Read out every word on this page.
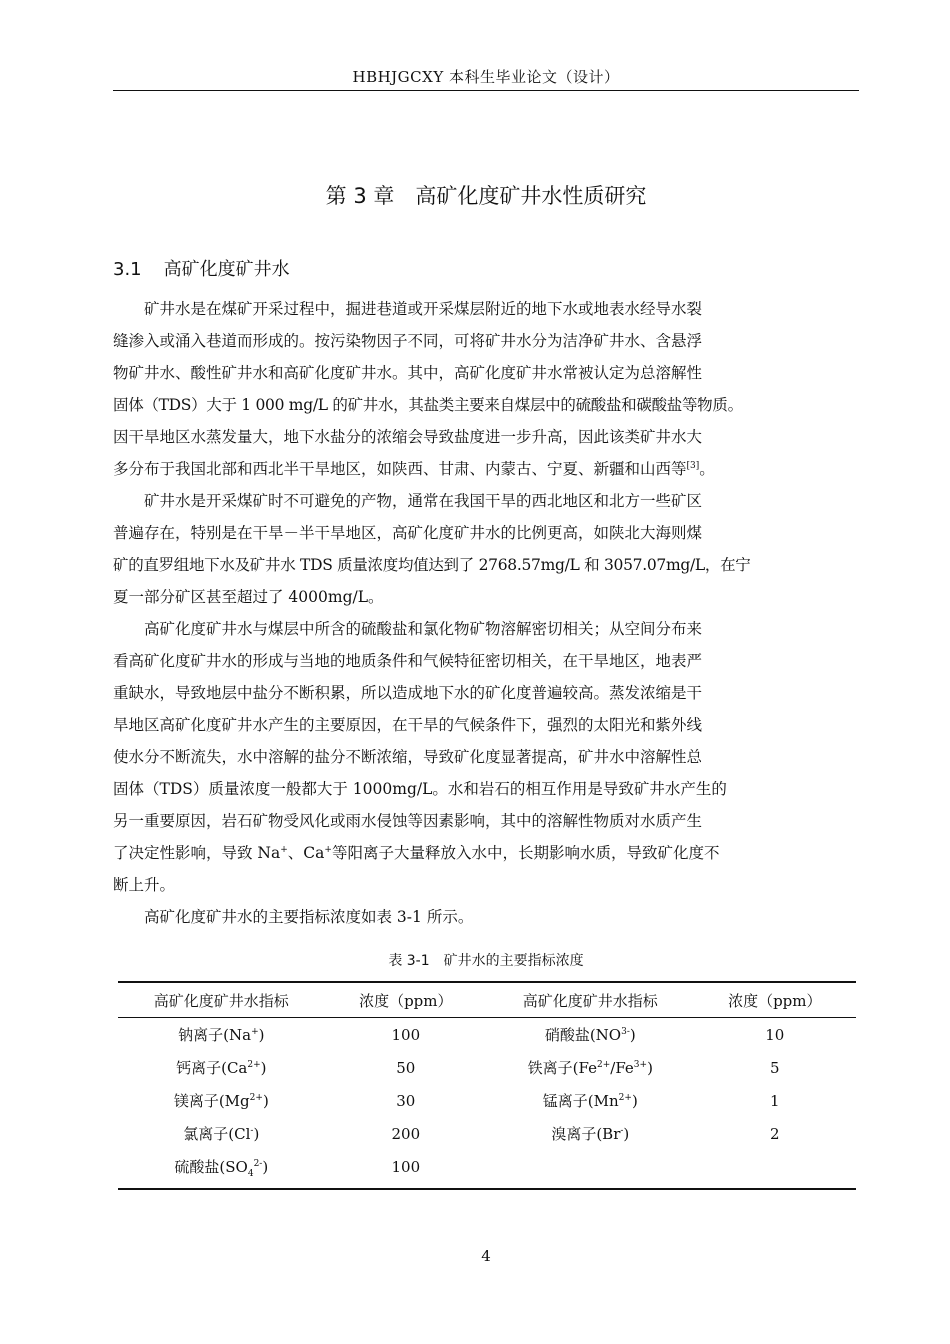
HBHJGCXY 本科生毕业论文（设计）
第 3 章　高矿化度矿井水性质研究
3.1 高矿化度矿井水

矿井水是在煤矿开采过程中，掘进巷道或开采煤层附近的地下水或地表水经导水裂
缝渗入或涌入巷道而形成的。按污染物因子不同，可将矿井水分为洁净矿井水、含悬浮
物矿井水、酸性矿井水和高矿化度矿井水。其中，高矿化度矿井水常被认定为总溶解性
固体（TDS）大于 1 000 mg/L 的矿井水，其盐类主要来自煤层中的硫酸盐和碳酸盐等物质。
因干旱地区水蒸发量大，地下水盐分的浓缩会导致盐度进一步升高，因此该类矿井水大
多分布于我国北部和西北半干旱地区，如陕西、甘肃、内蒙古、宁夏、新疆和山西等[3]。

矿井水是开采煤矿时不可避免的产物，通常在我国干旱的西北地区和北方一些矿区
普遍存在，特别是在干旱－半干旱地区，高矿化度矿井水的比例更高，如陕北大海则煤
矿的直罗组地下水及矿井水 TDS 质量浓度均值达到了 2768.57mg/L 和 3057.07mg/L，在宁
夏一部分矿区甚至超过了 4000mg/L。

高矿化度矿井水与煤层中所含的硫酸盐和氯化物矿物溶解密切相关；从空间分布来
看高矿化度矿井水的形成与当地的地质条件和气候特征密切相关，在干旱地区，地表严
重缺水，导致地层中盐分不断积累，所以造成地下水的矿化度普遍较高。蒸发浓缩是干
旱地区高矿化度矿井水产生的主要原因，在干旱的气候条件下，强烈的太阳光和紫外线
使水分不断流失，水中溶解的盐分不断浓缩，导致矿化度显著提高，矿井水中溶解性总
固体（TDS）质量浓度一般都大于 1000mg/L。水和岩石的相互作用是导致矿井水产生的
另一重要原因，岩石矿物受风化或雨水侵蚀等因素影响，其中的溶解性物质对水质产生
了决定性影响，导致 Na+、Ca+等阳离子大量释放入水中，长期影响水质，导致矿化度不
断上升。

高矿化度矿井水的主要指标浓度如表 3-1 所示。

表 3-1 矿井水的主要指标浓度
高矿化度矿井水指标	浓度（ppm）	高矿化度矿井水指标	浓度（ppm）
钠离子(Na+)	100	硝酸盐$(NO^{3-})$	10
钙离子$(Ca^{2+})$	50	铁离子$(Fe^{2+}/Fe^{3+})$	5
镁离子$(Mg^{2+})$	30	锰离子$(Mn^{2+})$	1
氯离子(Cl-)	200	溴离子(Br-)	2
硫酸盐$(SO_4^{2-})$	100		
4
